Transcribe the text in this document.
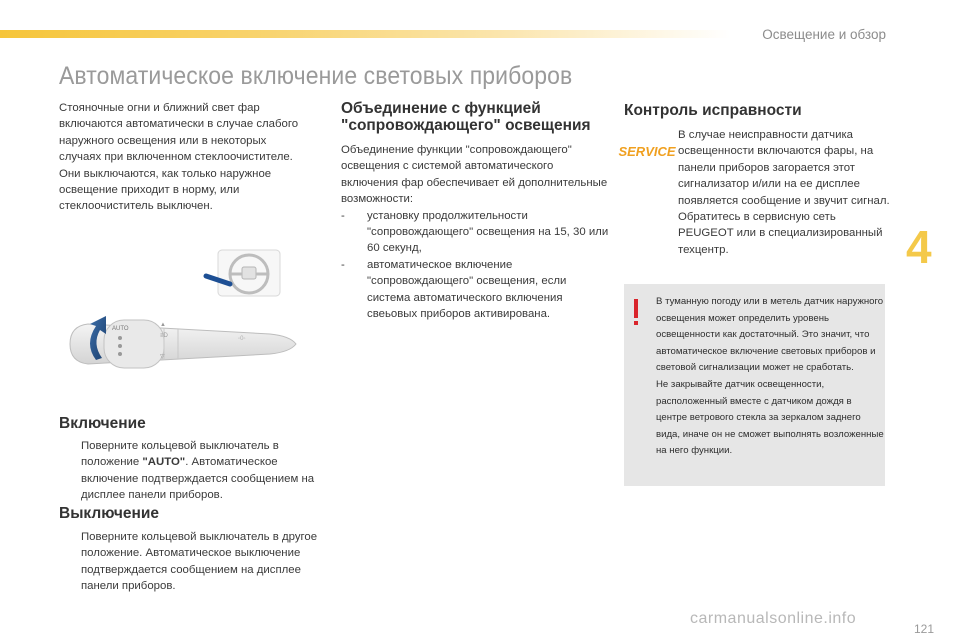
Освещение и обзор
Автоматическое включение световых приборов
Стояночные огни и ближний свет фар включаются автоматически в случае слабого наружного освещения или в некоторых случаях при включенном стеклоочистителе.
Они выключаются, как только наружное освещение приходит в норму, или стеклоочиститель выключен.
AUTO
▲
≡D
▽
◦0◦
Включение
Поверните кольцевой выключатель в положение "AUTO". Автоматическое включение подтверждается сообщением на дисплее панели приборов.
Выключение
Поверните кольцевой выключатель в другое положение. Автоматическое выключение подтверждается сообщением на дисплее панели приборов.
Объединение с функцией "сопровождающего" освещения
Объединение функции "сопровождающего" освещения с системой автоматического включения фар обеспечивает ей дополнительные возможности:
-	установку продолжительности "сопровождающего" освещения на 15, 30 или 60 секунд,
-	автоматическое включение "сопровождающего" освещения, если система автоматического включения свеьовых приборов активирована.
Контроль исправности
SERVICE
В случае неисправности датчика освещенности включаются фары, на панели приборов загорается этот сигнализатор и/или на ее дисплее появляется сообщение и звучит сигнал.
Обратитесь в сервисную сеть PEUGEOT или в специализированный техцентр.
В туманную погоду или в метель датчик наружного освещения может определить уровень освещенности как достаточный. Это значит, что автоматическое включение световых приборов и световой сигнализации может не сработать.
Не закрывайте датчик освещенности, расположенный вместе с датчиком дождя в центре ветрового стекла за зеркалом заднего вида, иначе он не сможет выполнять возложенные на него функции.
4
carmanualsonline.info
121
